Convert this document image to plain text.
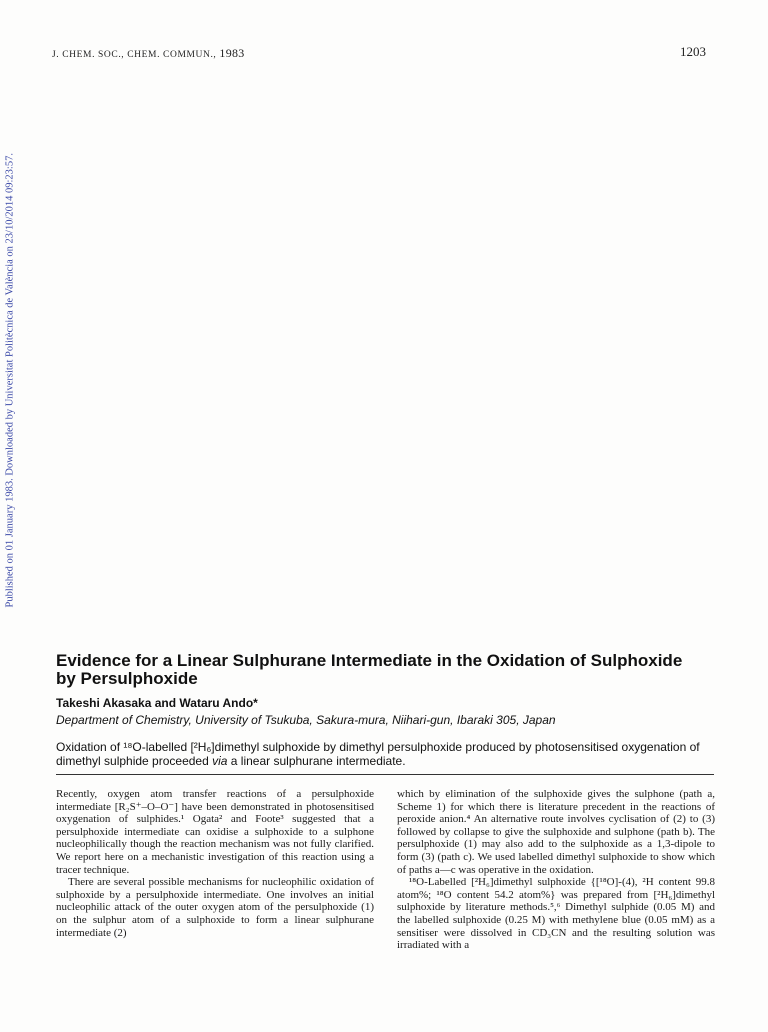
J. CHEM. SOC., CHEM. COMMUN., 1983	1203
Published on 01 January 1983. Downloaded by Universitat Politècnica de València on 23/10/2014 09:23:57.
Evidence for a Linear Sulphurane Intermediate in the Oxidation of Sulphoxide by Persulphoxide
Takeshi Akasaka and Wataru Ando*
Department of Chemistry, University of Tsukuba, Sakura-mura, Niihari-gun, Ibaraki 305, Japan
Oxidation of ¹⁸O-labelled [²H₆]dimethyl sulphoxide by dimethyl persulphoxide produced by photosensitised oxygenation of dimethyl sulphide proceeded via a linear sulphurane intermediate.

Recently, oxygen atom transfer reactions of a persulphoxide intermediate [R₂S⁺–O–O⁻] have been demonstrated in photosensitised oxygenation of sulphides.¹ Ogata² and Foote³ suggested that a persulphoxide intermediate can oxidise a sulphoxide to a sulphone nucleophilically though the reaction mechanism was not fully clarified. We report here on a mechanistic investigation of this reaction using a tracer technique.

There are several possible mechanisms for nucleophilic oxidation of sulphoxide by a persulphoxide intermediate. One involves an initial nucleophilic attack of the outer oxygen atom of the persulphoxide (1) on the sulphur atom of a sulphoxide to form a linear sulphurane intermediate (2)

which by elimination of the sulphoxide gives the sulphone (path a, Scheme 1) for which there is literature precedent in the reactions of peroxide anion.⁴ An alternative route involves cyclisation of (2) to (3) followed by collapse to give the sulphoxide and sulphone (path b). The persulphoxide (1) may also add to the sulphoxide as a 1,3-dipole to form (3) (path c). We used labelled dimethyl sulphoxide to show which of paths a—c was operative in the oxidation.

¹⁸O-Labelled [²H₆]dimethyl sulphoxide {[¹⁸O]-(4), ²H content 99.8 atom%; ¹⁸O content 54.2 atom%} was prepared from [²H₆]dimethyl sulphoxide by literature methods.⁵,⁶ Dimethyl sulphide (0.05 M) and the labelled sulphoxide (0.25 M) with methylene blue (0.05 mM) as a sensitiser were dissolved in CD₃CN and the resulting solution was irradiated with a
